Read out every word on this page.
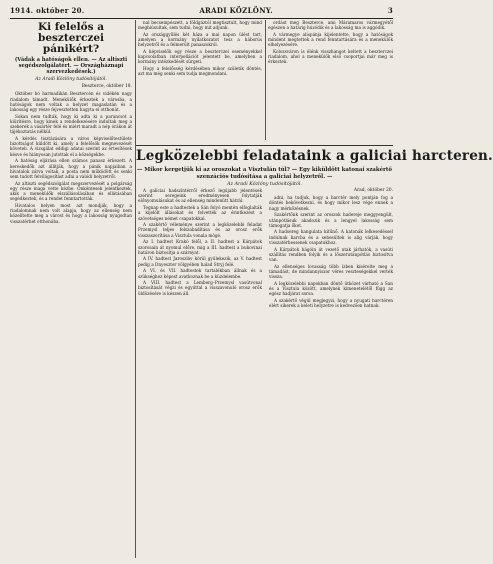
1914. október 20.	ARADI KÖZLÖNY.	3
Ki felelős a beszterczei pánikért?
(Vádak a hatóságok ellen. — Az altiszti segédszolgálatért. — Országháznapi szervezkedések.)
Az Aradi Közlöny tudósítójától.
Beszterce, október 18.
Október hó harmadikán Besztercén és vidékén nagy riadalom támadt. Menekülők érkeztek a városba, a hatóságok nem voltak a helyzet magaslatán és a lakosság egy része fejvesztetten hagyta el otthonát.
Sokan nem tudták, hogy ki adta ki a parancsot a kiürítésre, hogy kinek a rendelkezésére indultak meg a szekerek a vásártér felé és miért maradt a nép órákon át tájékoztatás nélkül.
A kérdés tisztázására a város képviselőtestülete bizottságot küldött ki, amely a felelősök megnevezését követeli. A vizsgálat eddigi adatai szerint az értesítések késve és hiányosan jutottak el a községekbe.
A hatóság eljárása ellen számos panasz érkezett. A kereskedők azt állítják, hogy a pánik napjaiban a hivatalok zárva voltak, a posta nem működött és senki sem tudott felvilágosítást adni a valódi helyzetről.
Az altiszti segédszolgálat megszervezését a polgárság egy része maga vette kézbe. Önkéntesek jelentkeztek, akik a menekülők elszállásolásában és ellátásában segédkeztek, és a rendet fenntartották.
Hivatalos helyen most azt mondják, hogy a riadalomnak nem volt alapja, hogy az ellenség nem közelítette meg a várost és hogy a lakosság nyugodtan visszatérhet otthonába.
nal becsempészett, a földgáztól megtisztult, hogy mind meghiúsultak, sem tudni, hogy mit adjunk.
Az országgyűlés két háza a mai napon ülést tart, amelyen a kormány nyilatkozatot tesz a háborús helyzetről és a felmerült panaszokról.
A képviselők egy része a beszterczei eseményekkel kapcsolatban interpellációt jelentett be, amelyben a kormány intézkedését sürgeti.
Hogy a felelősség kérdésében mikor születik döntés, azt ma még senki sem tudja megmondani.
ordást meg Beszterce, ami Máramaros vármegyétől egészen a határig húzódik és a lakosság ma is aggódik.
A vármegye alispánja kijelentette, hogy a hatóságok mindent megtettek a rend fenntartására és a menekülők elhelyezésére.
Kolozsváron is élénk visszhangot keltett a beszterczei riadalom, ahol a menekülők első csoportjai már meg is érkeztek.
Legközelebbi feladataink a galiciai harcteren.
— Mikor kergetjük ki az oroszokat a Visztulán túl? — Egy kiküldött katonai szakértő szenzációs tudósítása a galiciai helyzetről. —
Az Aradi Közlöny tudósítójától.
A galíciai hadszíntérről érkező legújabb jelentések szerint seregeink eredményesen folytatják előnyomulásukat és az ellenség mindenütt hátrál.
Tegnap este a hadtestek a Sán folyó mentén elfoglalták a kijelölt állásokat és felvették az érintkezést a szövetséges német csapatokkal.
A szakértő véleménye szerint a legközelebbi feladat Przemysl teljes felszabadítása és az orosz erők visszaszorítása a Visztula vonala mögé.
Az I. hadtest Krakó felől, a II. hadtest a Kárpátok szorosain át nyomul előre, míg a III. hadtest a bukovinai határon biztosítja a szárnyat.
A IV. hadtest Jaroszláv körül gyülekezik, az V. hadtest pedig a Dnyeszter völgyében halad Stryj felé.
A VI. és VII. hadtestek tartalékban állnak és a szükséghez képest avatkoznak be a küzdelembe.
A VIII. hadtest a Lemberg–Przemysl vasútvonal biztosítását végzi és egyúttal a visszavonuló orosz erők üldözésére is készen áll.
Arad, október 20.
adni, ha tudjuk, hogy a harctér mely pontján fog a döntés bekövetkezni, és hogy mikor lesz vége ennek a nagy mérkőzésnek.
Szakértőnk szerint az oroszok hadereje meggyengült, utánpótlásuk akadozik és a lengyel lakosság sem támogatja őket.
A hadsereg hangulata kitűnő. A katonák lelkesedéssel indulnak harcba és a sebesültek is alig várják, hogy visszatérhessenek csapatukhoz.
A Kárpátok hágóin át vezető utak járhatók, a vasúti szállítás rendben folyik és a lőszerutánpótlás biztosítva van.
Az ellenséges lovasság több ízben kísérelte meg a támadást, de mindannyiszor véres veszteségekkel verték vissza.
A legközelebbi napokban döntő ütközet várható a San és a Visztula között, amelynek kimenetelétől függ az egész hadjárat sorsa.
A szakértő végül megjegyzi, hogy a nyugati harctéren elért sikerek a keleti helyzetre is kedvezően hatnak.
